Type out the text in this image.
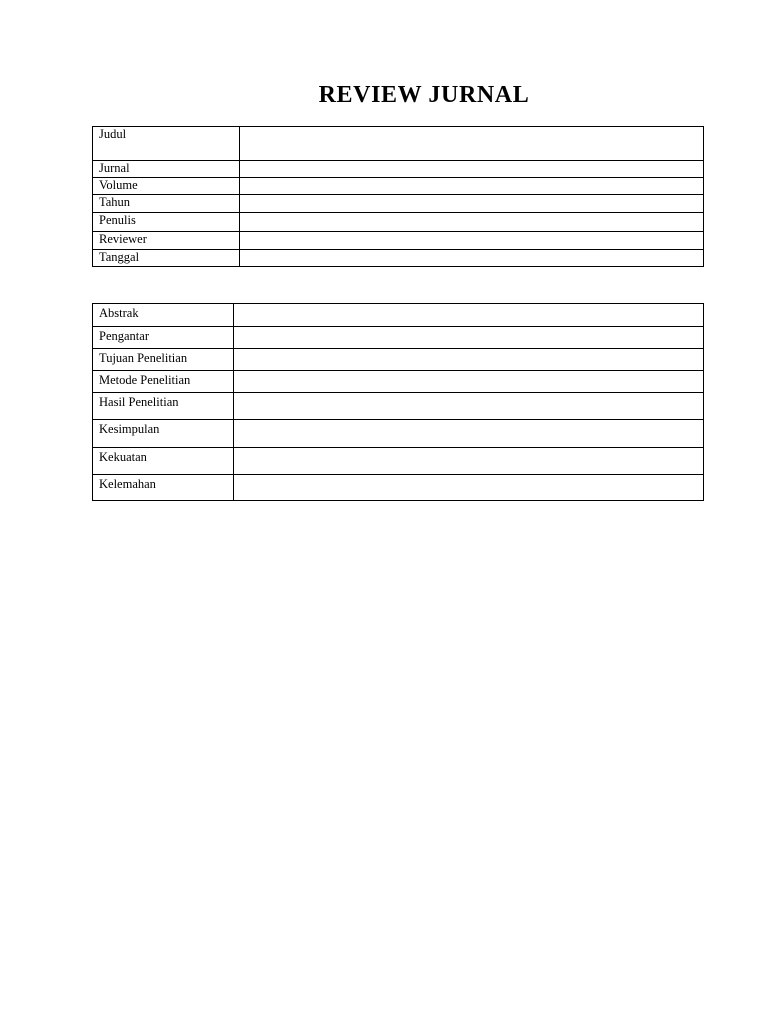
REVIEW JURNAL
Judul	
Jurnal	
Volume	
Tahun	
Penulis	
Reviewer	
Tanggal	
Abstrak	
Pengantar	
Tujuan Penelitian	
Metode Penelitian	
Hasil Penelitian	
Kesimpulan	
Kekuatan	
Kelemahan	
